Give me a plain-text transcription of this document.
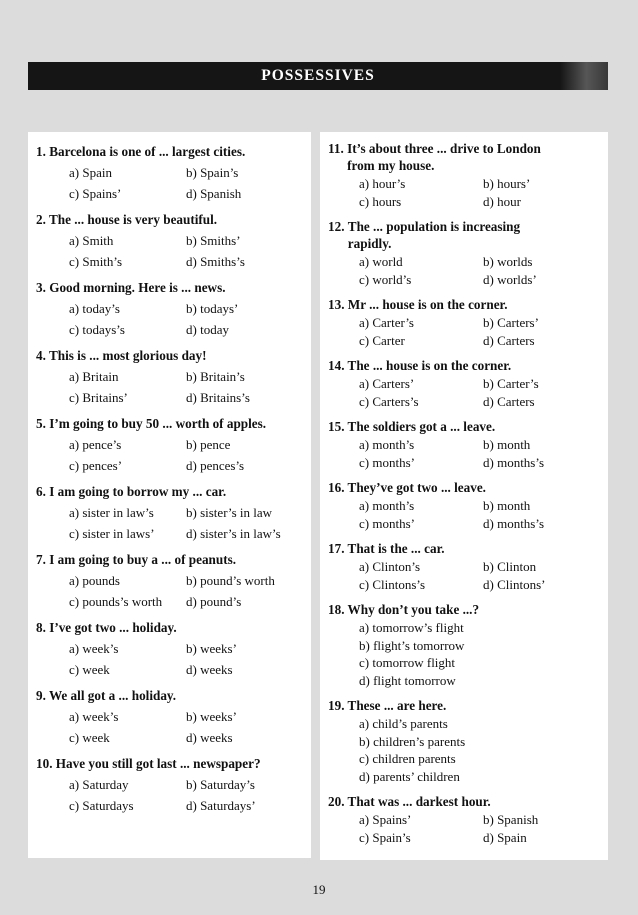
POSSESSIVES
1. Barcelona is one of ... largest cities.
a) Spain	b) Spain’s
c) Spains’	d) Spanish
2. The ... house is very beautiful.
a) Smith	b) Smiths’
c) Smith’s	d) Smiths’s
3. Good morning. Here is ... news.
a) today’s	b) todays’
c) todays’s	d) today
4. This is ... most glorious day!
a) Britain	b) Britain’s
c) Britains’	d) Britains’s
5. I’m going to buy 50 ... worth of apples.
a) pence’s	b) pence
c) pences’	d) pences’s
6. I am going to borrow my ... car.
a) sister in law’s	b) sister’s in law
c) sister in laws’	d) sister’s in law’s
7. I am going to buy a ... of peanuts.
a) pounds	b) pound’s worth
c) pounds’s worth	d) pound’s
8. I’ve got two ... holiday.
a) week’s	b) weeks’
c) week	d) weeks
9. We all got a ... holiday.
a) week’s	b) weeks’
c) week	d) weeks
10. Have you still got last ... newspaper?
a) Saturday	b) Saturday’s
c) Saturdays	d) Saturdays’
11.
It’s about three ... drive to London
from my house.
a) hour’s	b) hours’
c) hours	d) hour
12.
The ... population is increasing
rapidly.
a) world	b) worlds
c) world’s	d) worlds’
13. Mr ... house is on the corner.
a) Carter’s	b) Carters’
c) Carter	d) Carters
14. The ... house is on the corner.
a) Carters’	b) Carter’s
c) Carters’s	d) Carters
15. The soldiers got a ... leave.
a) month’s	b) month
c) months’	d) months’s
16. They’ve got two ... leave.
a) month’s	b) month
c) months’	d) months’s
17. That is the ... car.
a) Clinton’s	b) Clinton
c) Clintons’s	d) Clintons’
18. Why don’t you take ...?
a) tomorrow’s flight
b) flight’s tomorrow
c) tomorrow flight
d) flight tomorrow
19. These ... are here.
a) child’s parents
b) children’s parents
c) children parents
d) parents’ children
20. That was ... darkest hour.
a) Spains’	b) Spanish
c) Spain’s	d) Spain
19
